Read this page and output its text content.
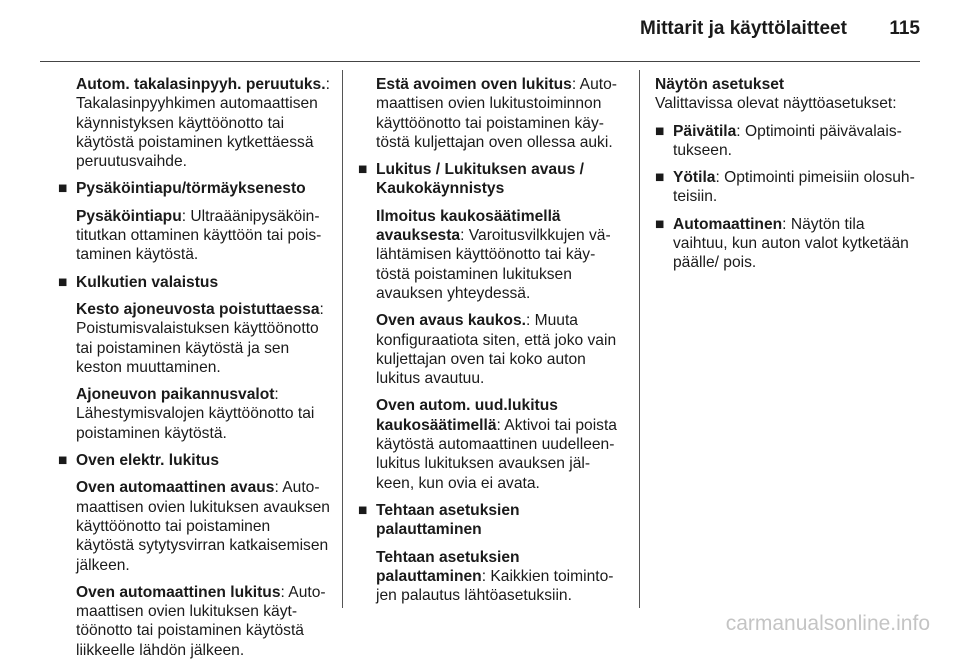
Mittarit ja käyttölaitteet	115

Autom. takalasinpyyh. peruutuks.: Takalasinpyyhkimen automaattisen käynnistyksen käyttöönotto tai käytöstä poistaminen kytkettäessä peruutusvaihde.

■ Pysäköintiapu/törmäyksenesto

Pysäköintiapu: Ultraäänipysäköintitutkan ottaminen käyttöön tai poistaminen käytöstä.

■ Kulkutien valaistus

Kesto ajoneuvosta poistuttaessa: Poistumisvalaistuksen käyttöönotto tai poistaminen käytöstä ja sen keston muuttaminen.

Ajoneuvon paikannusvalot: Lähestymisvalojen käyttöönotto tai poistaminen käytöstä.

■ Oven elektr. lukitus

Oven automaattinen avaus: Automaattisen ovien lukituksen avauksen käyttöönotto tai poistaminen käytöstä sytytysvirran katkaisemisen jälkeen.

Oven automaattinen lukitus: Automaattisen ovien lukituksen käyttöönotto tai poistaminen käytöstä liikkeelle lähdön jälkeen.

Estä avoimen oven lukitus: Automaattisen ovien lukitustoiminnon käyttöönotto tai poistaminen käytöstä kuljettajan oven ollessa auki.

■ Lukitus / Lukituksen avaus / Kaukokäynnistys

Ilmoitus kaukosäätimellä avauksesta: Varoitusvilkkujen välähtämisen käyttöönotto tai käytöstä poistaminen lukituksen avauksen yhteydessä.

Oven avaus kaukos.: Muuta konfiguraatiota siten, että joko vain kuljettajan oven tai koko auton lukitus avautuu.

Oven autom. uud.lukitus kaukosäätimellä: Aktivoi tai poista käytöstä automaattinen uudelleenlukitus lukituksen avauksen jälkeen, kun ovia ei avata.

■ Tehtaan asetuksien palauttaminen

Tehtaan asetuksien palauttaminen: Kaikkien toimintojen palautus lähtöasetuksiin.

Näytön asetukset

Valittavissa olevat näyttöasetukset:

■ Päivätila: Optimointi päivävalaistukseen.
■ Yötila: Optimointi pimeisiin olosuhteisiin.
■ Automaattinen: Näytön tila vaihtuu, kun auton valot kytketään päälle/ pois.
carmanualsonline.info
